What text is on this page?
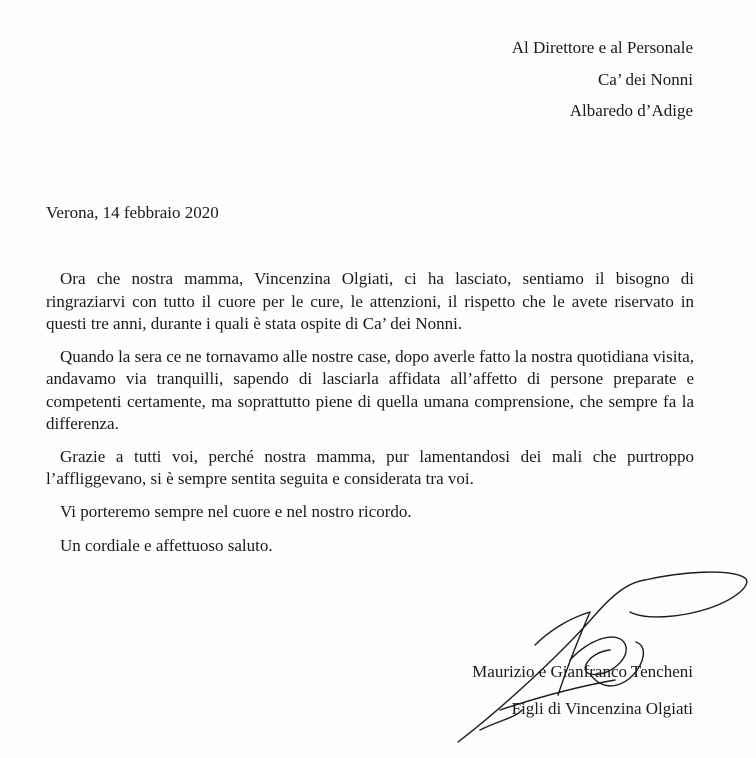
Al Direttore e al Personale
Ca’ dei Nonni
Albaredo d’Adige
Verona, 14 febbraio 2020

Ora che nostra mamma, Vincenzina Olgiati, ci ha lasciato, sentiamo il bisogno di ringraziarvi con tutto il cuore per le cure, le attenzioni, il rispetto che le avete riservato in questi tre anni, durante i quali è stata ospite di Ca’ dei Nonni.

Quando la sera ce ne tornavamo alle nostre case, dopo averle fatto la nostra quotidiana visita, andavamo via tranquilli, sapendo di lasciarla affidata all’affetto di persone preparate e competenti certamente, ma soprattutto piene di quella umana comprensione, che sempre fa la differenza.

Grazie a tutti voi, perché nostra mamma, pur lamentandosi dei mali che purtroppo l’affliggevano, si è sempre sentita seguita e considerata tra voi.

Vi porteremo sempre nel cuore e nel nostro ricordo.

Un cordiale e affettuoso saluto.

Maurizio e Gianfranco Tencheni
Figli di Vincenzina Olgiati
